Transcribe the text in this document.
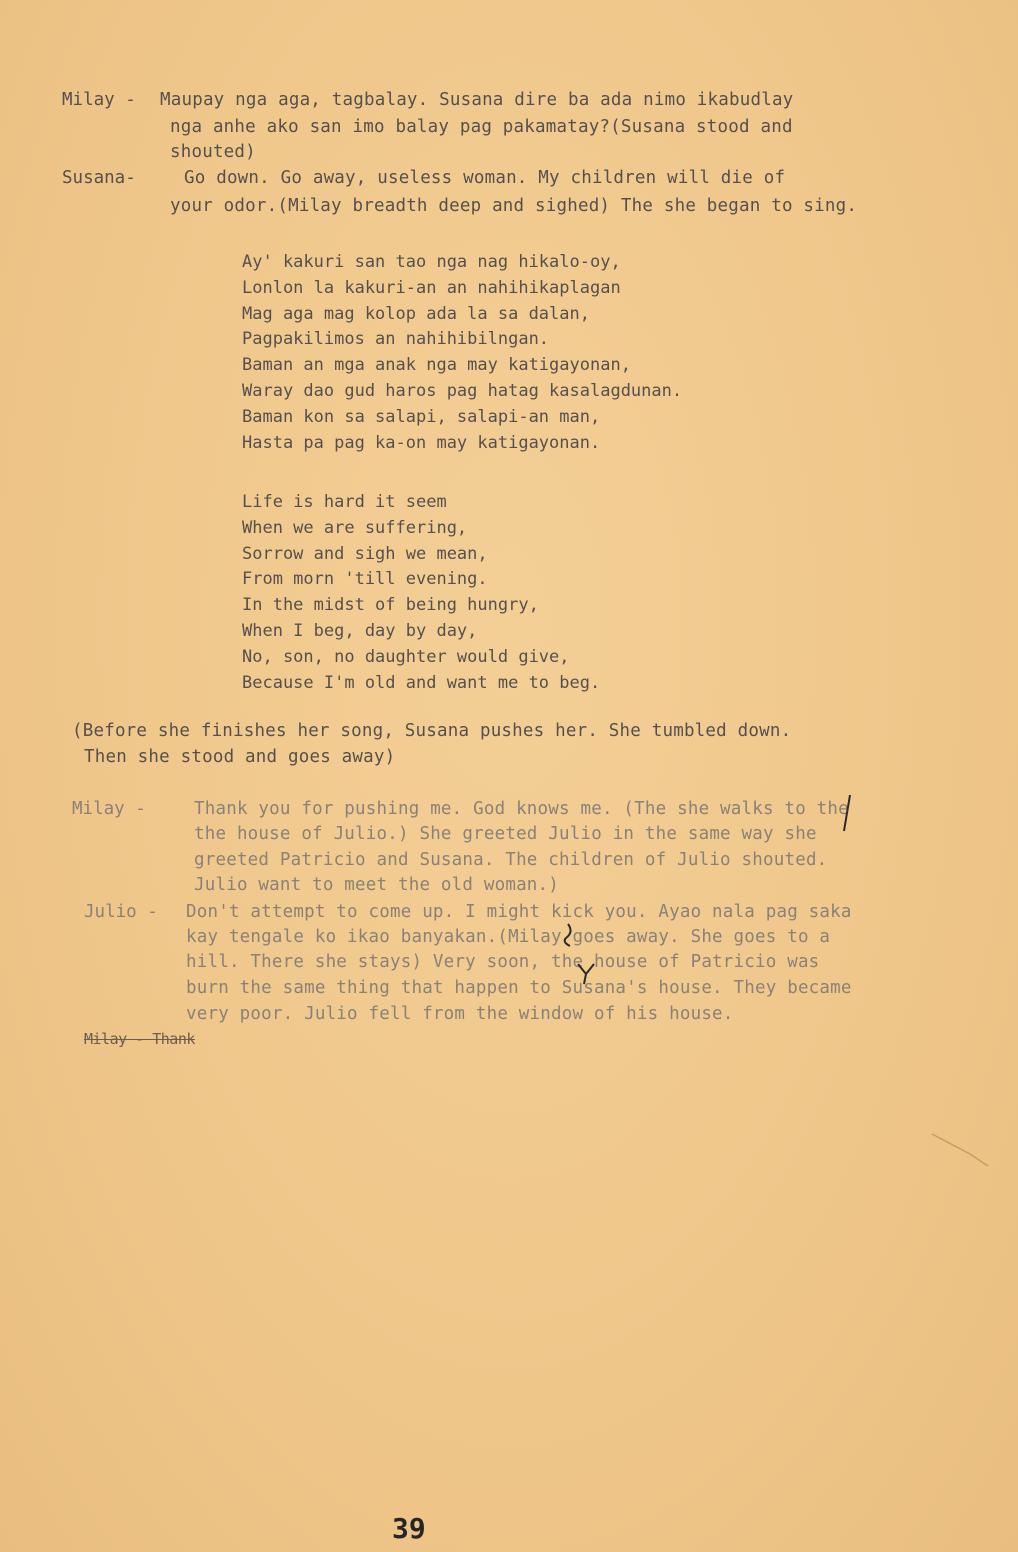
Milay - Maupay nga aga, tagbalay. Susana dire ba ada nimo ikabudlay
nga anhe ako san imo balay pag pakamatay?(Susana stood and
shouted)
Susana-	Go down. Go away, useless woman. My children will die of
your odor.(Milay breadth deep and sighed) The she began to sing.
Ay' kakuri san tao nga nag hikalo-oy,
Lonlon la kakuri-an an nahihikaplagan
Mag aga mag kolop ada la sa dalan,
Pagpakilimos an nahihibilngan.
Baman an mga anak nga may katigayonan,
Waray dao gud haros pag hatag kasalagdunan.
Baman kon sa salapi, salapi-an man,
Hasta pa pag ka-on may katigayonan.
Life is hard it seem
When we are suffering,
Sorrow and sigh we mean,
From morn 'till evening.
In the midst of being hungry,
When I beg, day by day,
No, son, no daughter would give,
Because I'm old and want me to beg.
(Before she finishes her song, Susana pushes her. She tumbled down.
Then she stood and goes away)
Milay -	Thank you for pushing me. God knows me. (The she walks to the
the house of Julio.) She greeted Julio in the same way she
greeted Patricio and Susana. The children of Julio shouted.
Julio want to meet the old woman.)
Julio - Don't attempt to come up. I might kick you. Ayao nala pag saka
kay tengale ko ikao banyakan.(Milay goes away. She goes to a
hill. There she stays) Very soon, the house of Patricio was
burn the same thing that happen to Susana's house. They became
very poor. Julio fell from the window of his house.
Milay - Thank
39
